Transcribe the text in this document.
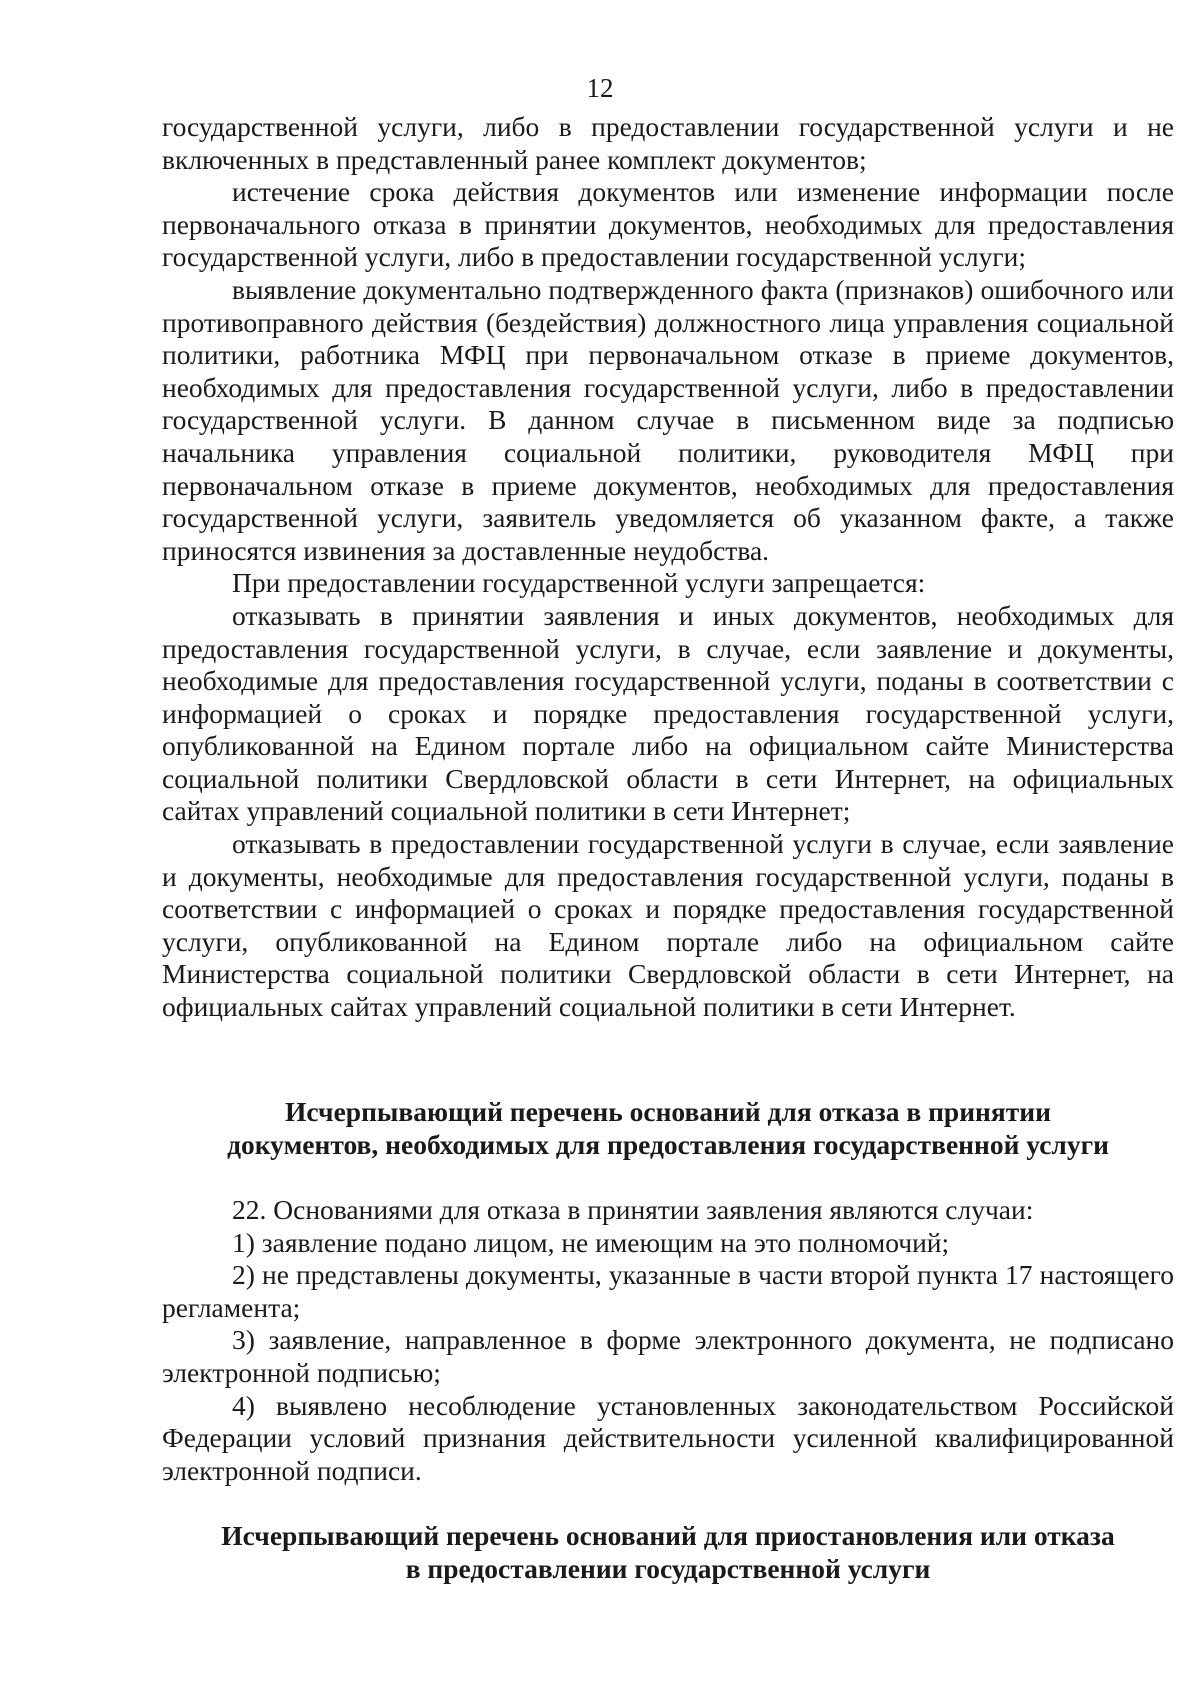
12

государственной услуги, либо в предоставлении государственной услуги и не включенных в представленный ранее комплект документов;

истечение срока действия документов или изменение информации после первоначального отказа в принятии документов, необходимых для предоставления государственной услуги, либо в предоставлении государственной услуги;

выявление документально подтвержденного факта (признаков) ошибочного или противоправного действия (бездействия) должностного лица управления социальной политики, работника МФЦ при первоначальном отказе в приеме документов, необходимых для предоставления государственной услуги, либо в предоставлении государственной услуги. В данном случае в письменном виде за подписью начальника управления социальной политики, руководителя МФЦ при первоначальном отказе в приеме документов, необходимых для предоставления государственной услуги, заявитель уведомляется об указанном факте, а также приносятся извинения за доставленные неудобства.

При предоставлении государственной услуги запрещается:

отказывать в принятии заявления и иных документов, необходимых для предоставления государственной услуги, в случае, если заявление и документы, необходимые для предоставления государственной услуги, поданы в соответствии с информацией о сроках и порядке предоставления государственной услуги, опубликованной на Едином портале либо на официальном сайте Министерства социальной политики Свердловской области в сети Интернет, на официальных сайтах управлений социальной политики в сети Интернет;

отказывать в предоставлении государственной услуги в случае, если заявление и документы, необходимые для предоставления государственной услуги, поданы в соответствии с информацией о сроках и порядке предоставления государственной услуги, опубликованной на Едином портале либо на официальном сайте Министерства социальной политики Свердловской области в сети Интернет, на официальных сайтах управлений социальной политики в сети Интернет.

Исчерпывающий перечень оснований для отказа в принятии
документов, необходимых для предоставления государственной услуги

22. Основаниями для отказа в принятии заявления являются случаи:

1) заявление подано лицом, не имеющим на это полномочий;

2) не представлены документы, указанные в части второй пункта 17 настоящего регламента;

3) заявление, направленное в форме электронного документа, не подписано электронной подписью;

4) выявлено несоблюдение установленных законодательством Российской Федерации условий признания действительности усиленной квалифицированной электронной подписи.

Исчерпывающий перечень оснований для приостановления или отказа
в предоставлении государственной услуги
